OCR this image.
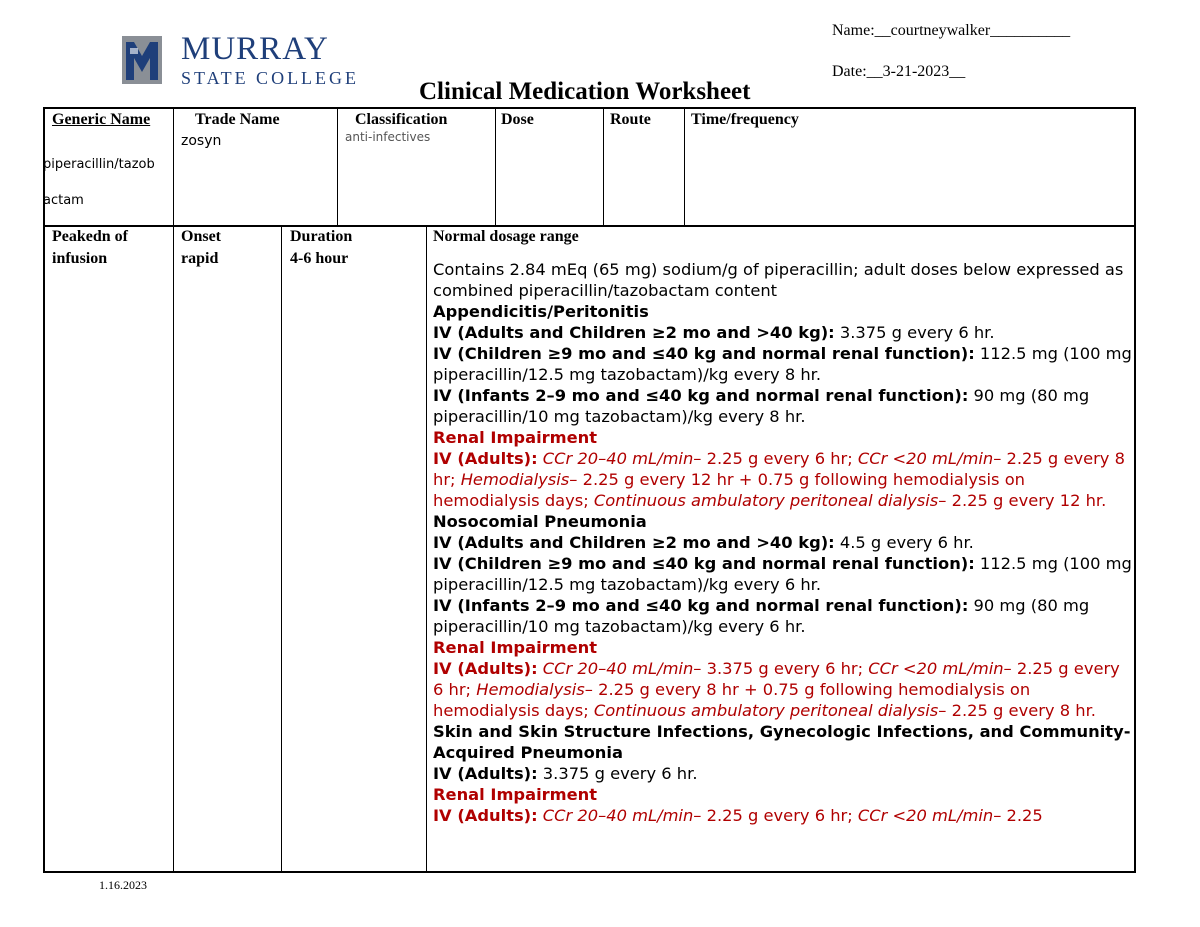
MURRAY
STATE COLLEGE
Name:__courtneywalker__________
Date:__3-21-2023__
Clinical Medication Worksheet
Generic Name
piperacillin/tazob
actam
Trade Name
zosyn
Classification
anti-infectives
Dose	Route	Time/frequency
Peakedn of
infusion
Onset
rapid
Duration
4-6 hour
Normal dosage range

Contains 2.84 mEq (65 mg) sodium/g of piperacillin; adult doses below expressed as combined piperacillin/tazobactam content

Appendicitis/Peritonitis

IV (Adults and Children ≥2 mo and >40 kg): 3.375 g every 6 hr.

IV (Children ≥9 mo and ≤40 kg and normal renal function): 112.5 mg (100 mg piperacillin/12.5 mg tazobactam)/kg every 8 hr.

IV (Infants 2–9 mo and ≤40 kg and normal renal function): 90 mg (80 mg piperacillin/10 mg tazobactam)/kg every 8 hr.

Renal Impairment

IV (Adults): CCr 20–40 mL/min– 2.25 g every 6 hr; CCr <20 mL/min– 2.25 g every 8 hr; Hemodialysis– 2.25 g every 12 hr + 0.75 g following hemodialysis on hemodialysis days; Continuous ambulatory peritoneal dialysis– 2.25 g every 12 hr.

Nosocomial Pneumonia

IV (Adults and Children ≥2 mo and >40 kg): 4.5 g every 6 hr.

IV (Children ≥9 mo and ≤40 kg and normal renal function): 112.5 mg (100 mg piperacillin/12.5 mg tazobactam)/kg every 6 hr.

IV (Infants 2–9 mo and ≤40 kg and normal renal function): 90 mg (80 mg piperacillin/10 mg tazobactam)/kg every 6 hr.

Renal Impairment

IV (Adults): CCr 20–40 mL/min– 3.375 g every 6 hr; CCr <20 mL/min– 2.25 g every 6 hr; Hemodialysis– 2.25 g every 8 hr + 0.75 g following hemodialysis on hemodialysis days; Continuous ambulatory peritoneal dialysis– 2.25 g every 8 hr.

Skin and Skin Structure Infections, Gynecologic Infections, and Community-Acquired Pneumonia

IV (Adults): 3.375 g every 6 hr.

Renal Impairment

IV (Adults): CCr 20–40 mL/min– 2.25 g every 6 hr; CCr <20 mL/min– 2.25

1.16.2023
